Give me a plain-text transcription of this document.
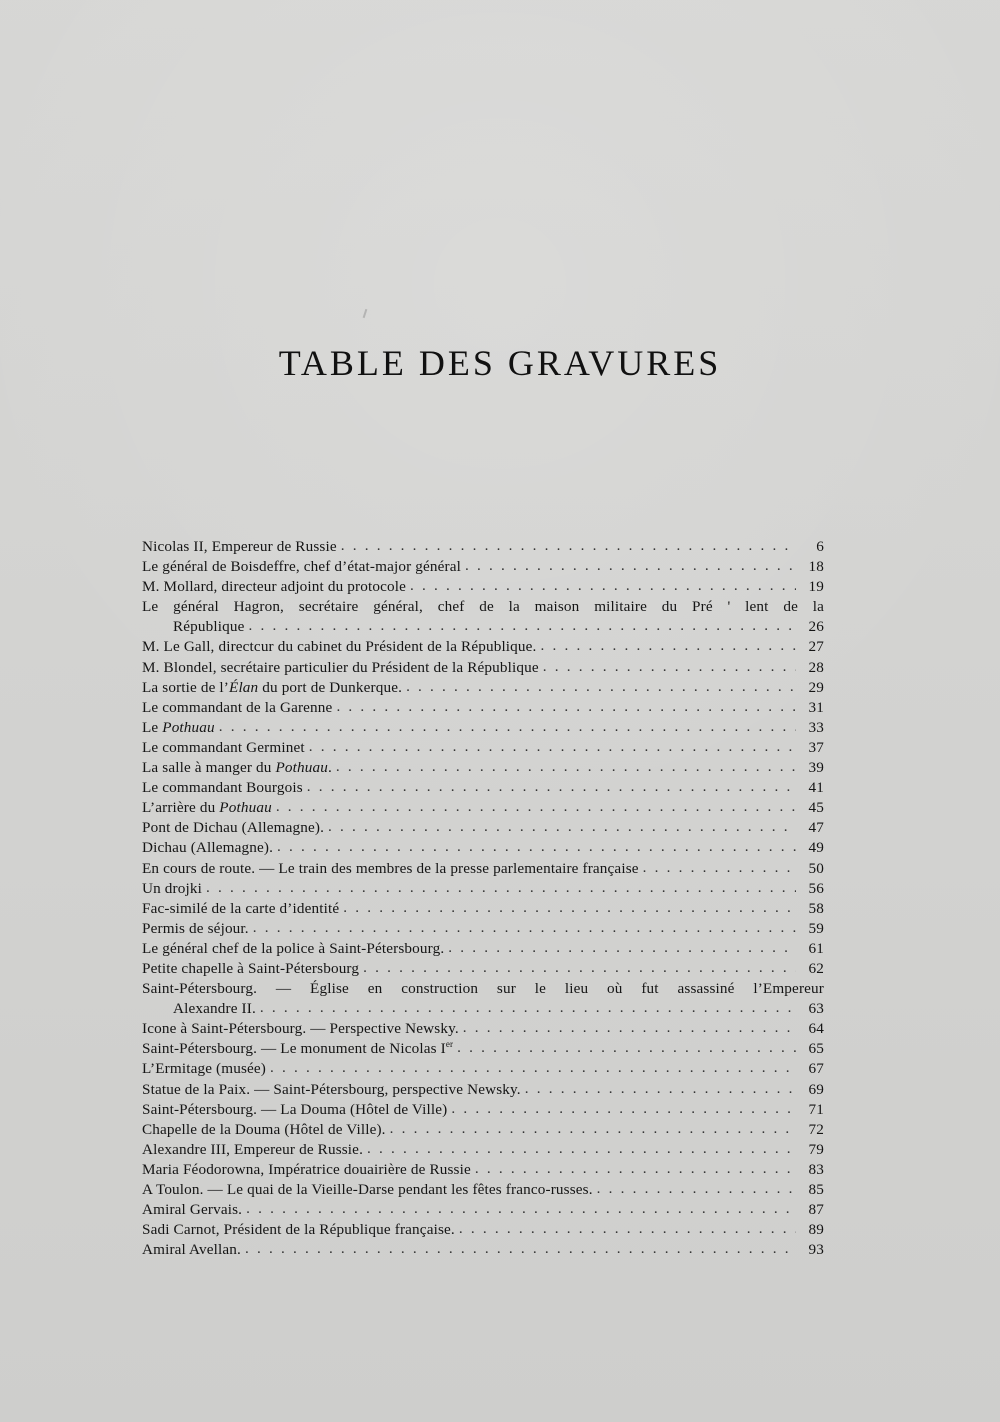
TABLE DES GRAVURES
Nicolas II, Empereur de Russie . . .	6
Le général de Boisdeffre, chef d’état-major général . . .	18
M. Mollard, directeur adjoint du protocole . . .	19
Le général Hagron, secrétaire général, chef de la maison militaire du Pré ' lent de la
République . . .	26
M. Le Gall, directcur du cabinet du Président de la République. . . .	27
M. Blondel, secrétaire particulier du Président de la République . . .	28
La sortie de l’Élan du port de Dunkerque. . . .	29
Le commandant de la Garenne . . .	31
Le Pothuau . . .	33
Le commandant Germinet . . .	37
La salle à manger du Pothuau. . . .	39
Le commandant Bourgois . . .	41
L’arrière du Pothuau . . .	45
Pont de Dichau (Allemagne). . . .	47
Dichau (Allemagne). . . .	49
En cours de route. — Le train des membres de la presse parlementaire française . . .	50
Un drojki . . .	56
Fac-similé de la carte d’identité . . .	58
Permis de séjour. . . .	59
Le général chef de la police à Saint-Pétersbourg. . . .	61
Petite chapelle à Saint-Pétersbourg . . .	62
Saint-Pétersbourg. — Église en construction sur le lieu où fut assassiné l’Empereur
Alexandre II. . . .	63
Icone à Saint-Pétersbourg. — Perspective Newsky. . . .	64
Saint-Pétersbourg. — Le monument de Nicolas Ier . . .	65
L’Ermitage (musée) . . .	67
Statue de la Paix. — Saint-Pétersbourg, perspective Newsky. . . .	69
Saint-Pétersbourg. — La Douma (Hôtel de Ville) . . .	71
Chapelle de la Douma (Hôtel de Ville). . . .	72
Alexandre III, Empereur de Russie. . . .	79
Maria Féodorowna, Impératrice douairière de Russie . . .	83
A Toulon. — Le quai de la Vieille-Darse pendant les fêtes franco-russes. . . .	85
Amiral Gervais. . . .	87
Sadi Carnot, Président de la République française. . . .	89
Amiral Avellan. . . .	93
